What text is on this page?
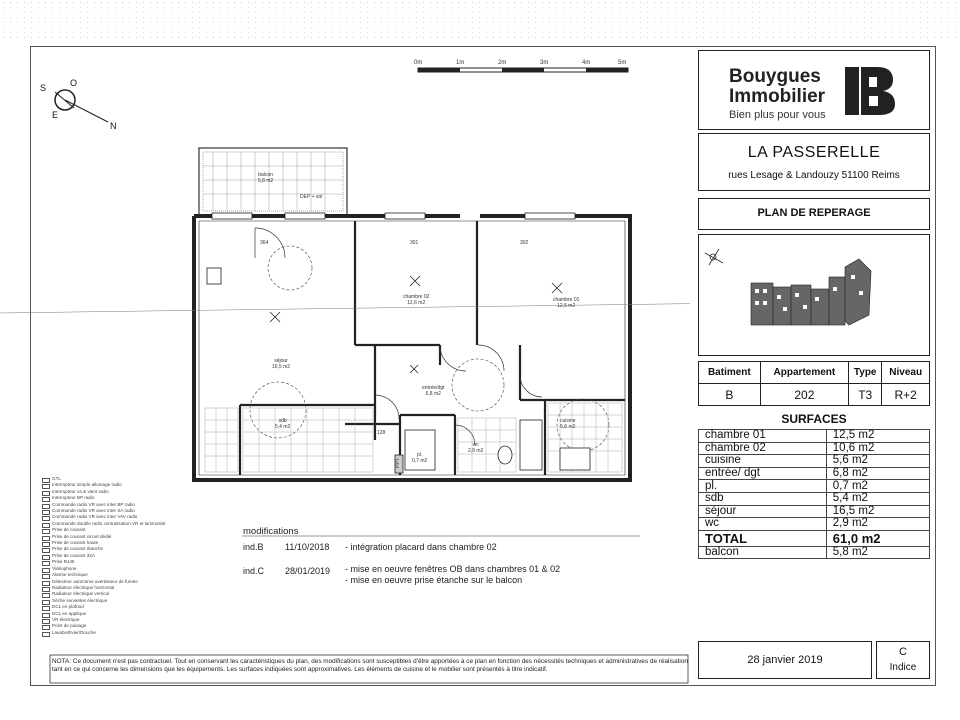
0m	1m	2m	3m	4m	5m
S	O
E
N
balcon
5,8 m2
DEP + sol
séjour
16,5 m2
chambre 02
12,6 m2	chambre 01
12,5 m2
entrée/dgt
6,8 m2
sdb
5,4 m2
cuisine
5,6 m2
wc
2,9 m2
pl.
0,7 m2
364	301	302
128
PPT
GTL
Interrupteur simple allumage radio
Interrupteur va & vient radio
Interrupteur BP radio
Commande radio VR avec inter BP radio
Commande radio VR avec inter SA radio
Commande radio VR avec inter VAV radio
Commande double radio centralisation VR et luminosité
Prise de courant
Prise de courant circuit dédié
Prise de courant haute
Prise de courant étanche
Prise de courant 32A
Prise RJ45
Vidéophone
Alarme technique
Détecteur autonome avertisseur de fumée
Radiateur électrique horizontal
Radiateur électrique vertical
Sèche serviettes électrique
DCL en plafond
DCL en applique
VR électrique
Point de puisage
Lavabo/Evier/Douche
modifications
ind.B 11/10/2018 - intégration placard dans chambre 02
ind.C 28/01/2019 - mise en oeuvre fenêtres OB dans chambres 01 & 02
- mise en oeuvre prise étanche sur le balcon
NOTA: Ce document n'est pas contractuel. Tout en conservant les caractéristiques du plan, des modifications sont susceptibles d'être apportées à ce plan en fonction des nécessités techniques et administratives de réalisation tant en ce qui concerne les dimensions que les équipements. Les surfaces indiquées sont approximatives. Les éléments de cuisine et le mobilier sont présentés à titre indicatif.
Bouygues
Immobilier
Bien plus pour vous
LA PASSERELLE
rues Lesage & Landouzy 51100 Reims
PLAN DE REPERAGE
Batiment	Appartement	Type	Niveau
B	202	T3	R+2
SURFACES
chambre 01	12,5 m2
chambre 02	10,6 m2
cuisine	5,6 m2
entrée/ dgt	6,8 m2
pl.	0,7 m2
sdb	5,4 m2
séjour	16,5 m2
wc	2,9 m2
TOTAL	61,0 m2
balcon	5,8 m2
28 janvier 2019
C
Indice
